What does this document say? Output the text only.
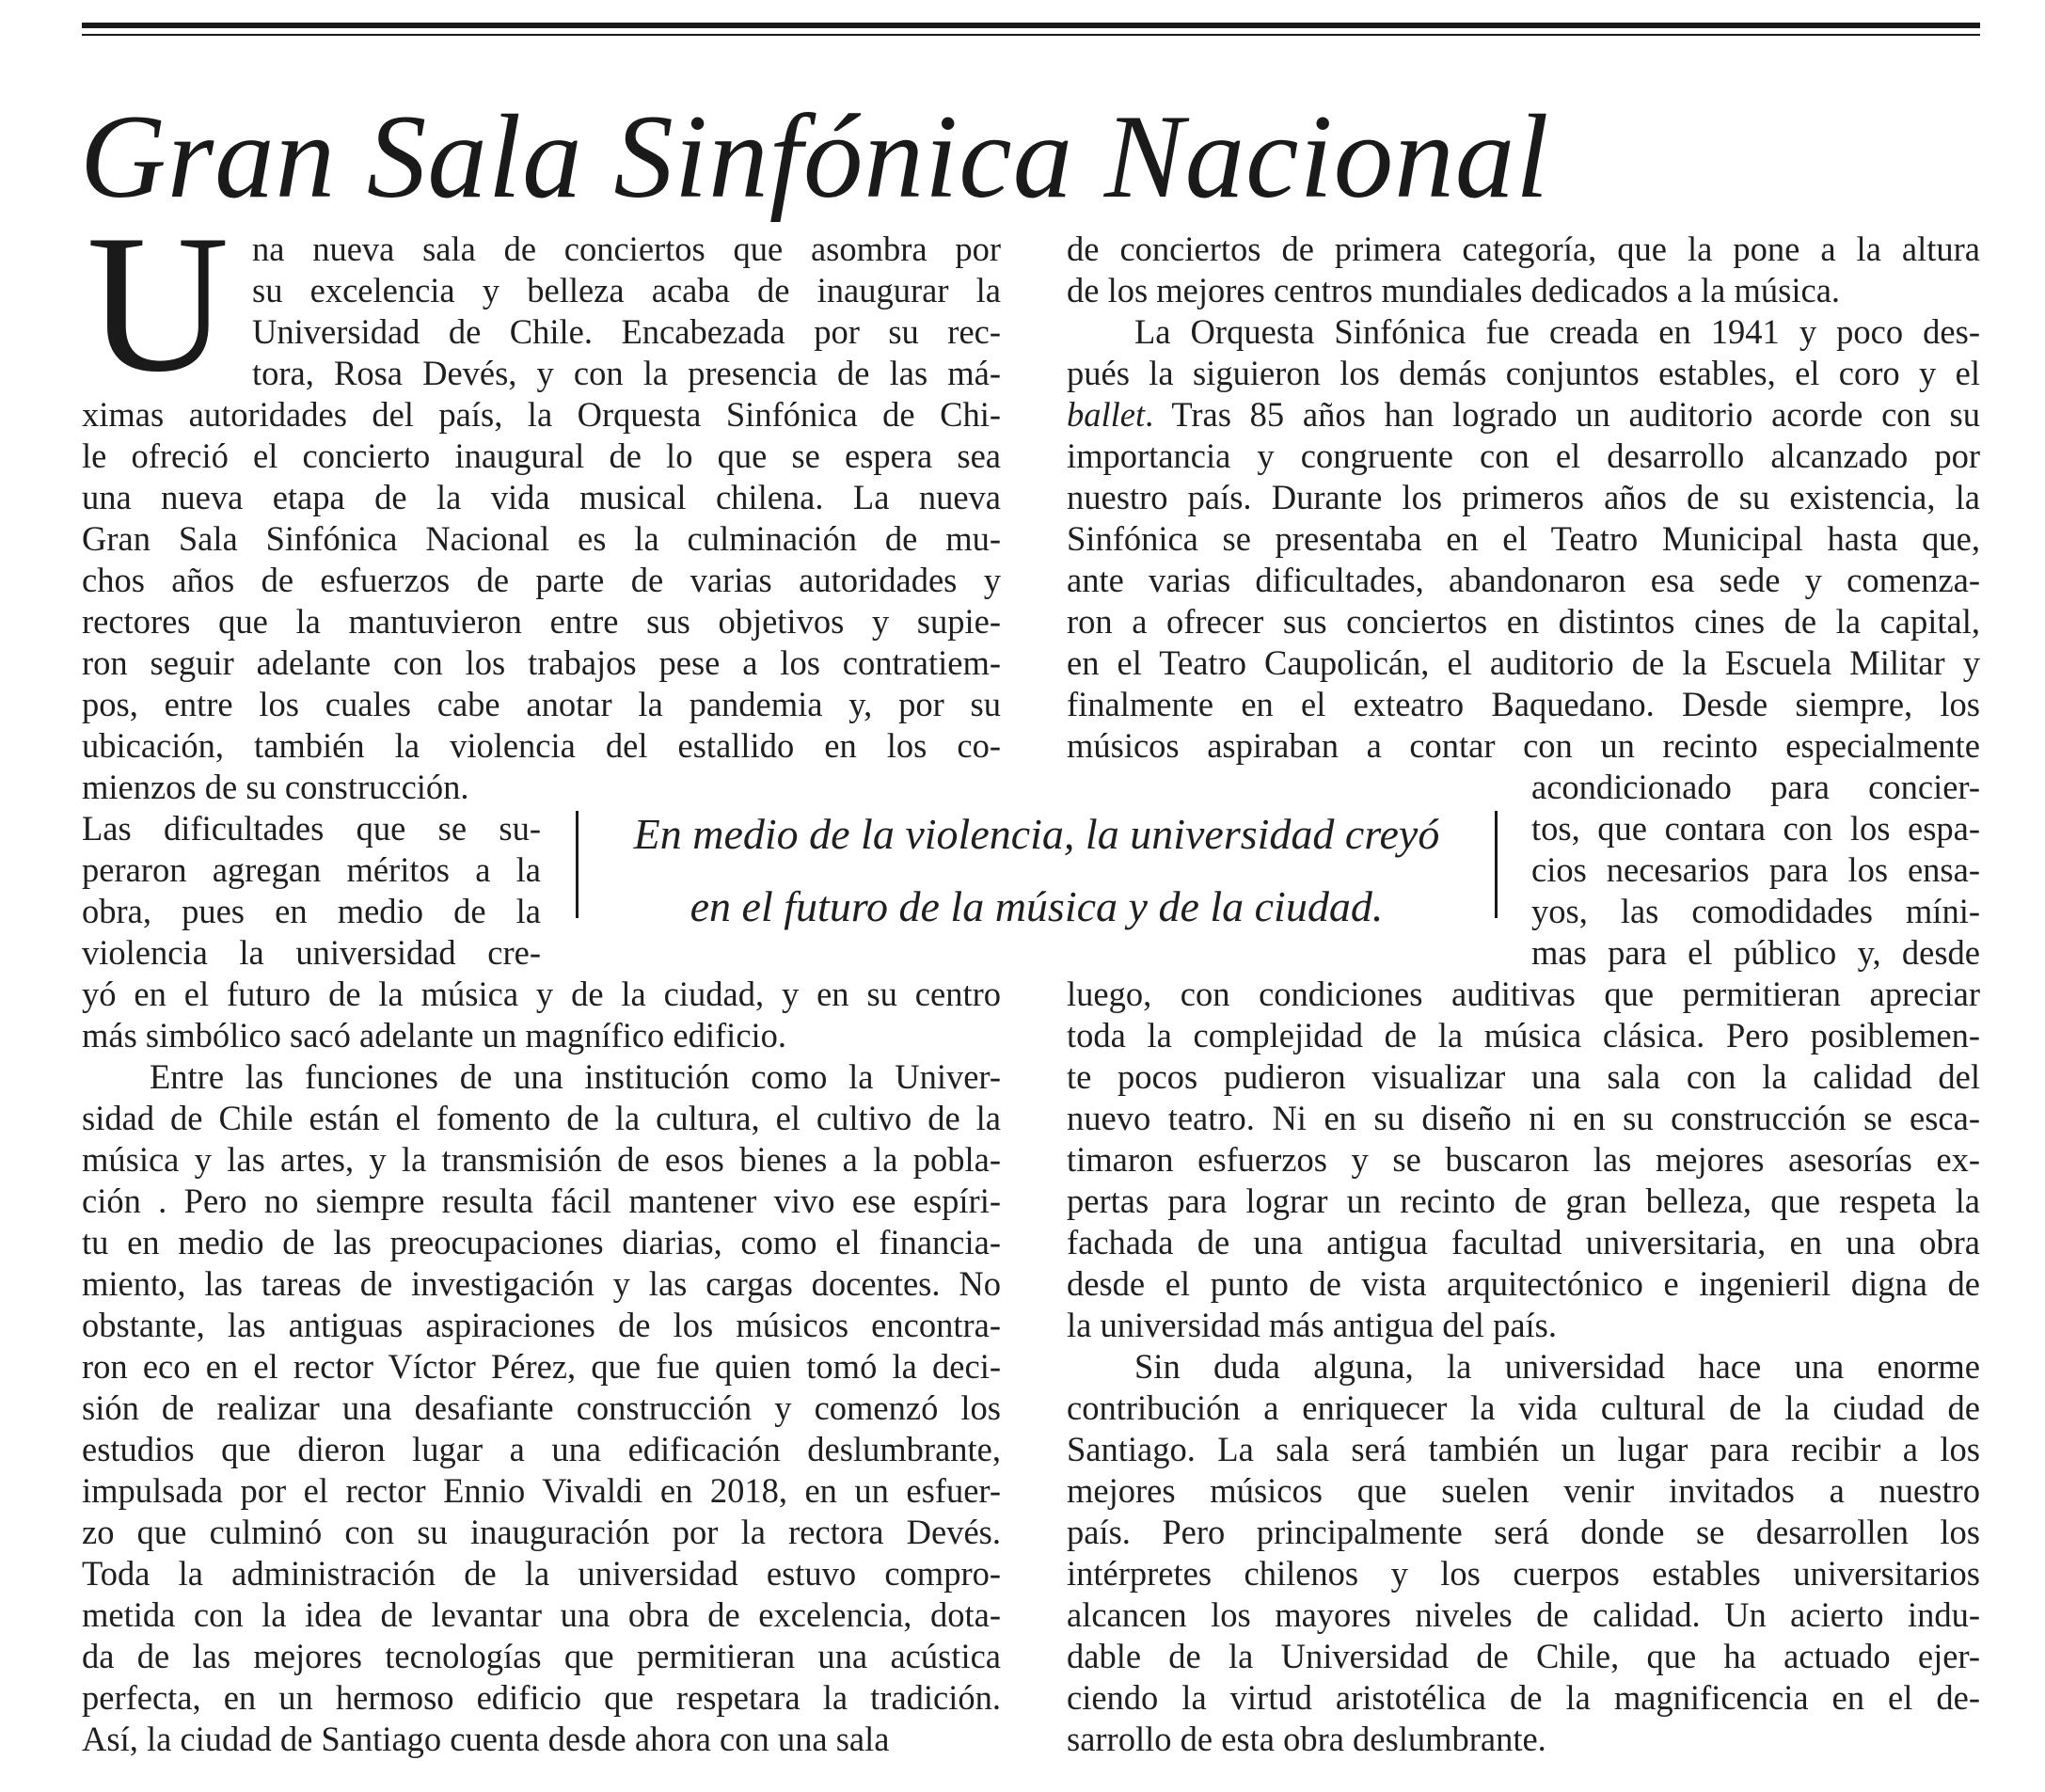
Gran Sala Sinfónica Nacional
U na nueva sala de conciertos que asombra por
su excelencia y belleza acaba de inaugurar la
Universidad de Chile. Encabezada por su rec-
tora, Rosa Devés, y con la presencia de las má-
ximas autoridades del país, la Orquesta Sinfónica de Chi-
le ofreció el concierto inaugural de lo que se espera sea
una nueva etapa de la vida musical chilena. La nueva
Gran Sala Sinfónica Nacional es la culminación de mu-
chos años de esfuerzos de parte de varias autoridades y
rectores que la mantuvieron entre sus objetivos y supie-
ron seguir adelante con los trabajos pese a los contratiem-
pos, entre los cuales cabe anotar la pandemia y, por su
ubicación, también la violencia del estallido en los co-
mienzos de su construcción.
Las dificultades que se su-
peraron agregan méritos a la
obra, pues en medio de la
violencia la universidad cre-
yó en el futuro de la música y de la ciudad, y en su centro
más simbólico sacó adelante un magnífico edificio.
Entre las funciones de una institución como la Univer-
sidad de Chile están el fomento de la cultura, el cultivo de la
música y las artes, y la transmisión de esos bienes a la pobla-
ción . Pero no siempre resulta fácil mantener vivo ese espíri-
tu en medio de las preocupaciones diarias, como el financia-
miento, las tareas de investigación y las cargas docentes. No
obstante, las antiguas aspiraciones de los músicos encontra-
ron eco en el rector Víctor Pérez, que fue quien tomó la deci-
sión de realizar una desafiante construcción y comenzó los
estudios que dieron lugar a una edificación deslumbrante,
impulsada por el rector Ennio Vivaldi en 2018, en un esfuer-
zo que culminó con su inauguración por la rectora Devés.
Toda la administración de la universidad estuvo compro-
metida con la idea de levantar una obra de excelencia, dota-
da de las mejores tecnologías que permitieran una acústica
perfecta, en un hermoso edificio que respetara la tradición.
Así, la ciudad de Santiago cuenta desde ahora con una sala
de conciertos de primera categoría, que la pone a la altura
de los mejores centros mundiales dedicados a la música.
La Orquesta Sinfónica fue creada en 1941 y poco des-
pués la siguieron los demás conjuntos estables, el coro y el
ballet. Tras 85 años han logrado un auditorio acorde con su
importancia y congruente con el desarrollo alcanzado por
nuestro país. Durante los primeros años de su existencia, la
Sinfónica se presentaba en el Teatro Municipal hasta que,
ante varias dificultades, abandonaron esa sede y comenza-
ron a ofrecer sus conciertos en distintos cines de la capital,
en el Teatro Caupolicán, el auditorio de la Escuela Militar y
finalmente en el exteatro Baquedano. Desde siempre, los
músicos aspiraban a contar con un recinto especialmente
acondicionado para concier-
tos, que contara con los espa-
cios necesarios para los ensa-
yos, las comodidades míni-
mas para el público y, desde
luego, con condiciones auditivas que permitieran apreciar
toda la complejidad de la música clásica. Pero posiblemen-
te pocos pudieron visualizar una sala con la calidad del
nuevo teatro. Ni en su diseño ni en su construcción se esca-
timaron esfuerzos y se buscaron las mejores asesorías ex-
pertas para lograr un recinto de gran belleza, que respeta la
fachada de una antigua facultad universitaria, en una obra
desde el punto de vista arquitectónico e ingenieril digna de
la universidad más antigua del país.
Sin duda alguna, la universidad hace una enorme
contribución a enriquecer la vida cultural de la ciudad de
Santiago. La sala será también un lugar para recibir a los
mejores músicos que suelen venir invitados a nuestro
país. Pero principalmente será donde se desarrollen los
intérpretes chilenos y los cuerpos estables universitarios
alcancen los mayores niveles de calidad. Un acierto indu-
dable de la Universidad de Chile, que ha actuado ejer-
ciendo la virtud aristotélica de la magnificencia en el de-
sarrollo de esta obra deslumbrante.
En medio de la violencia, la universidad creyó
en el futuro de la música y de la ciudad.
